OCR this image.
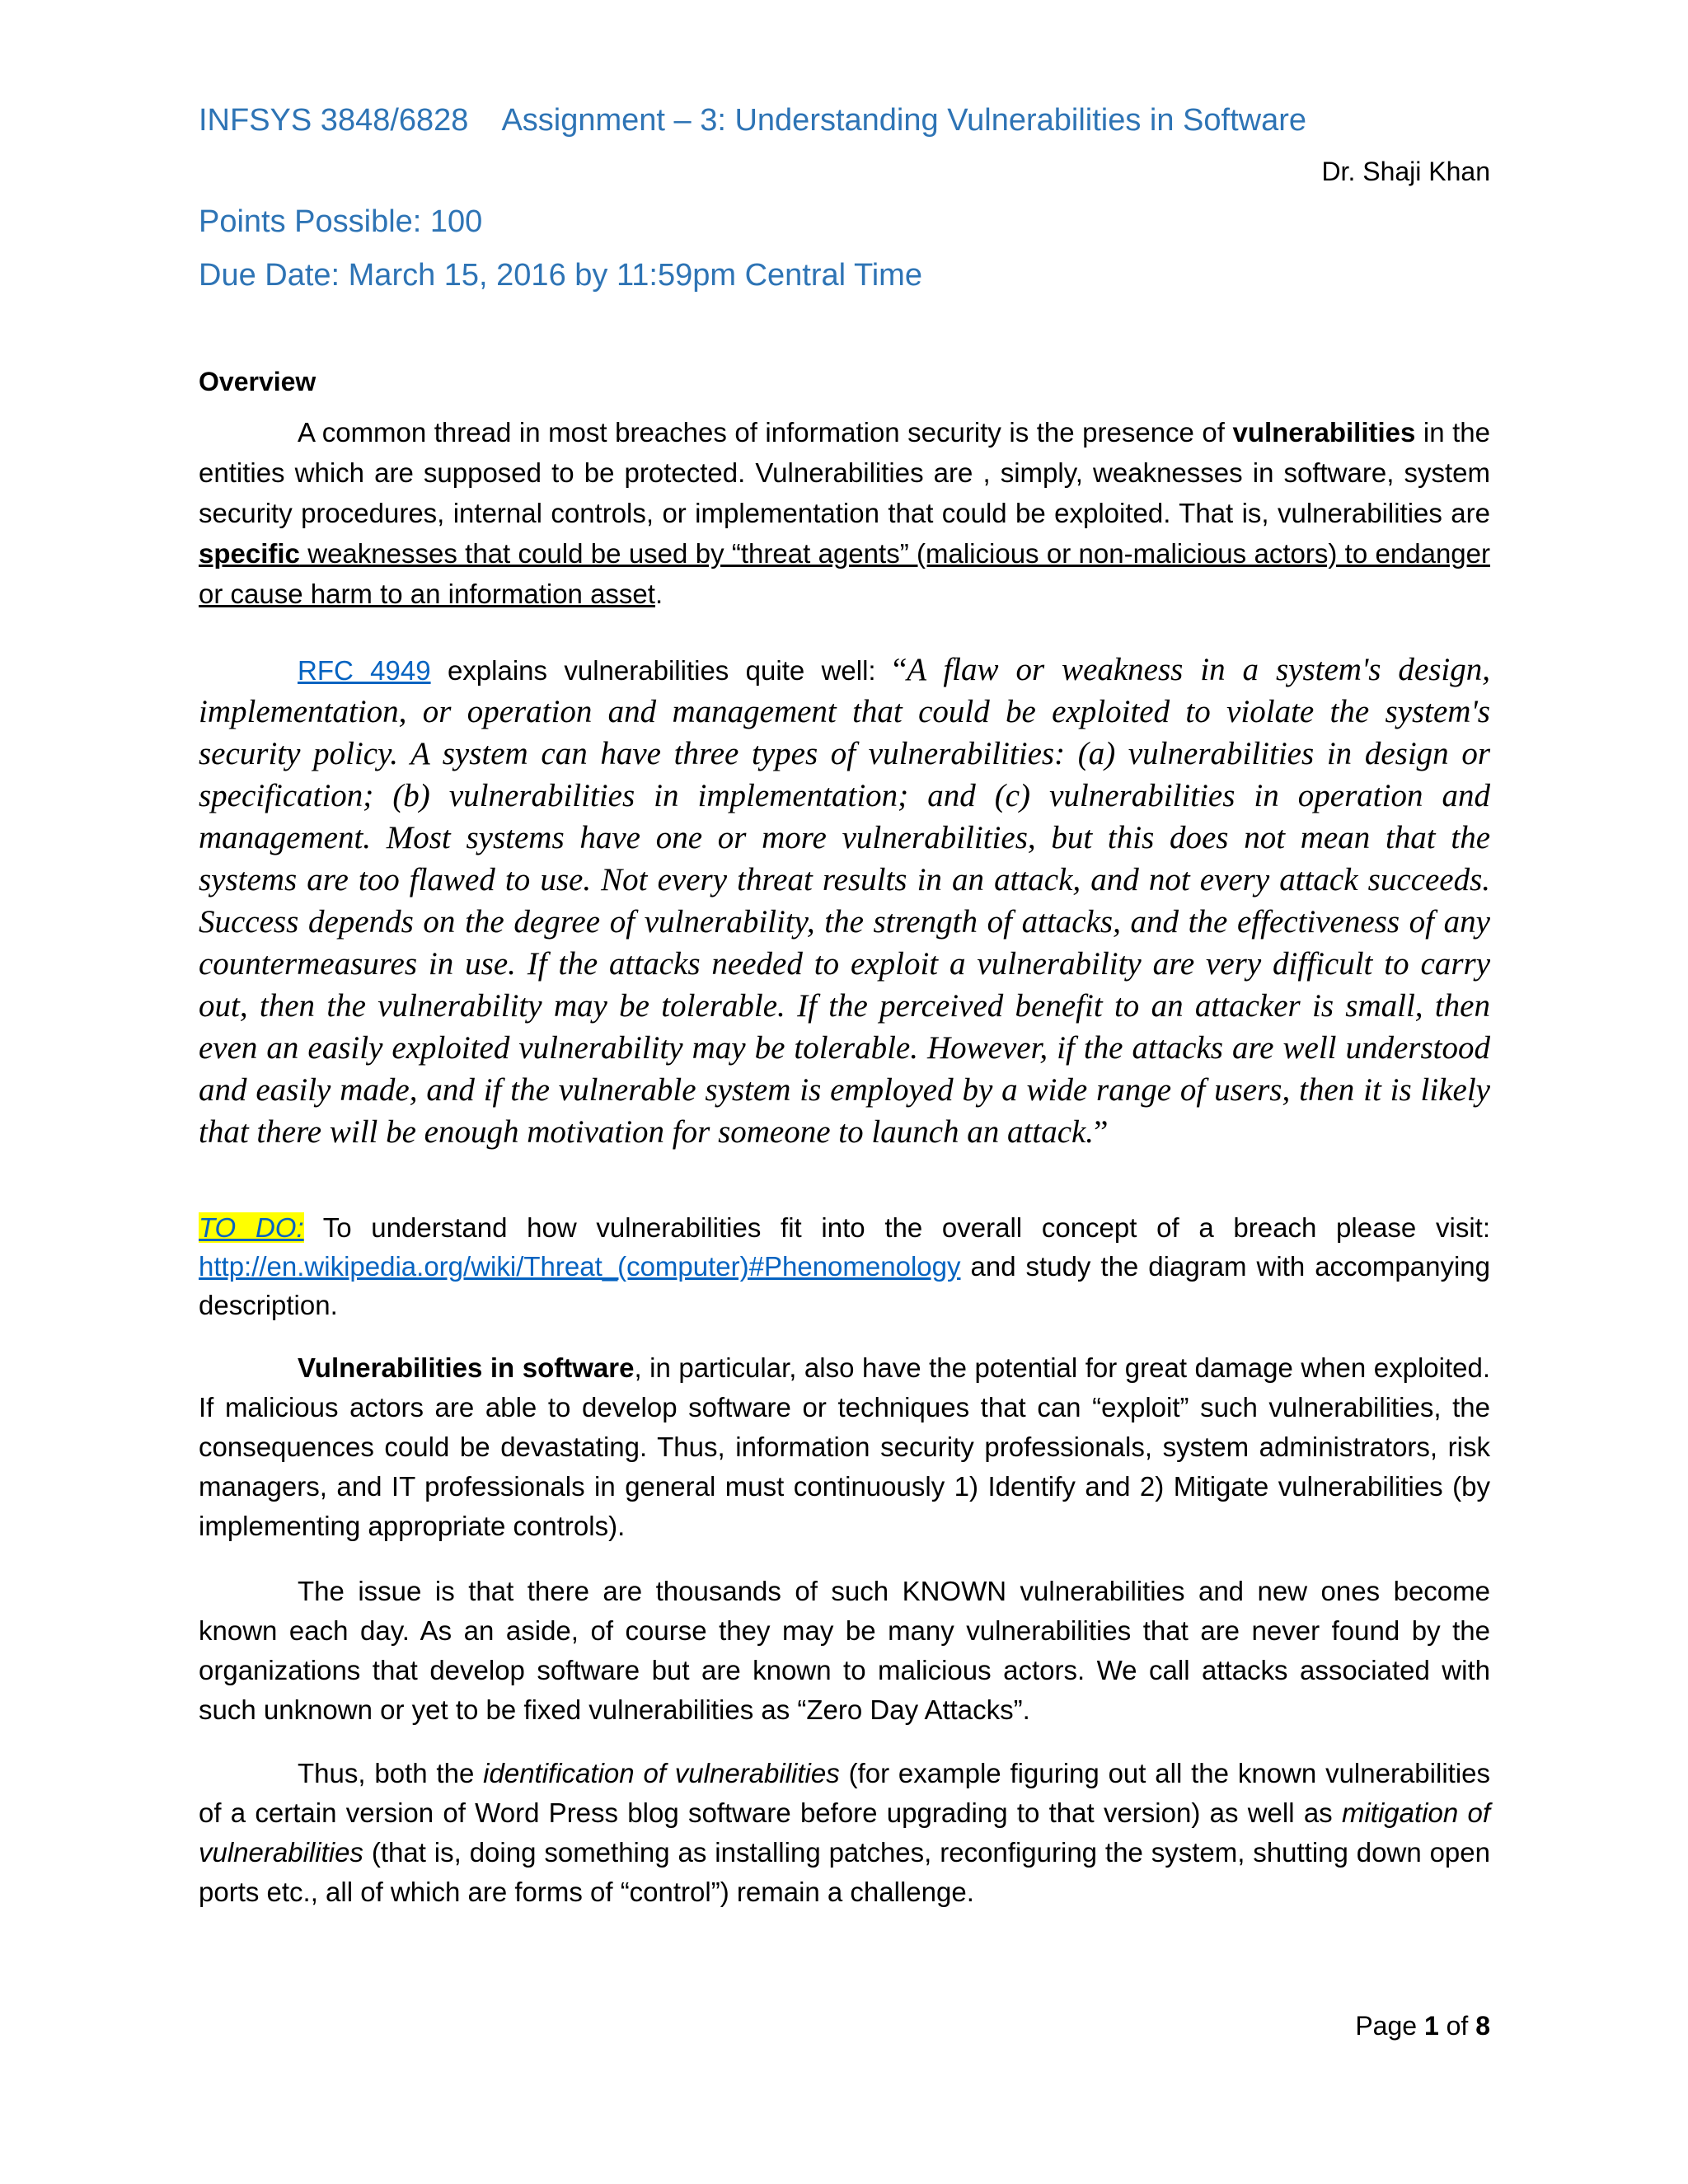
INFSYS 3848/6828 Assignment – 3: Understanding Vulnerabilities in Software
Dr. Shaji Khan
Points Possible: 100
Due Date: March 15, 2016 by 11:59pm Central Time
Overview

A common thread in most breaches of information security is the presence of vulnerabilities in the entities which are supposed to be protected. Vulnerabilities are , simply, weaknesses in software, system security procedures, internal controls, or implementation that could be exploited. That is, vulnerabilities are specific weaknesses that could be used by “threat agents” (malicious or non-malicious actors) to endanger or cause harm to an information asset.

RFC 4949 explains vulnerabilities quite well: “A flaw or weakness in a system's design, implementation, or operation and management that could be exploited to violate the system's security policy. A system can have three types of vulnerabilities: (a) vulnerabilities in design or specification; (b) vulnerabilities in implementation; and (c) vulnerabilities in operation and management. Most systems have one or more vulnerabilities, but this does not mean that the systems are too flawed to use. Not every threat results in an attack, and not every attack succeeds. Success depends on the degree of vulnerability, the strength of attacks, and the effectiveness of any countermeasures in use. If the attacks needed to exploit a vulnerability are very difficult to carry out, then the vulnerability may be tolerable. If the perceived benefit to an attacker is small, then even an easily exploited vulnerability may be tolerable. However, if the attacks are well understood and easily made, and if the vulnerable system is employed by a wide range of users, then it is likely that there will be enough motivation for someone to launch an attack.”

TO DO: To understand how vulnerabilities fit into the overall concept of a breach please visit: http://en.wikipedia.org/wiki/Threat_(computer)#Phenomenology and study the diagram with accompanying description.

Vulnerabilities in software, in particular, also have the potential for great damage when exploited. If malicious actors are able to develop software or techniques that can “exploit” such vulnerabilities, the consequences could be devastating. Thus, information security professionals, system administrators, risk managers, and IT professionals in general must continuously 1) Identify and 2) Mitigate vulnerabilities (by implementing appropriate controls).

The issue is that there are thousands of such KNOWN vulnerabilities and new ones become known each day. As an aside, of course they may be many vulnerabilities that are never found by the organizations that develop software but are known to malicious actors. We call attacks associated with such unknown or yet to be fixed vulnerabilities as “Zero Day Attacks”.

Thus, both the identification of vulnerabilities (for example figuring out all the known vulnerabilities of a certain version of Word Press blog software before upgrading to that version) as well as mitigation of vulnerabilities (that is, doing something as installing patches, reconfiguring the system, shutting down open ports etc., all of which are forms of “control”) remain a challenge.

Page 1 of 8
